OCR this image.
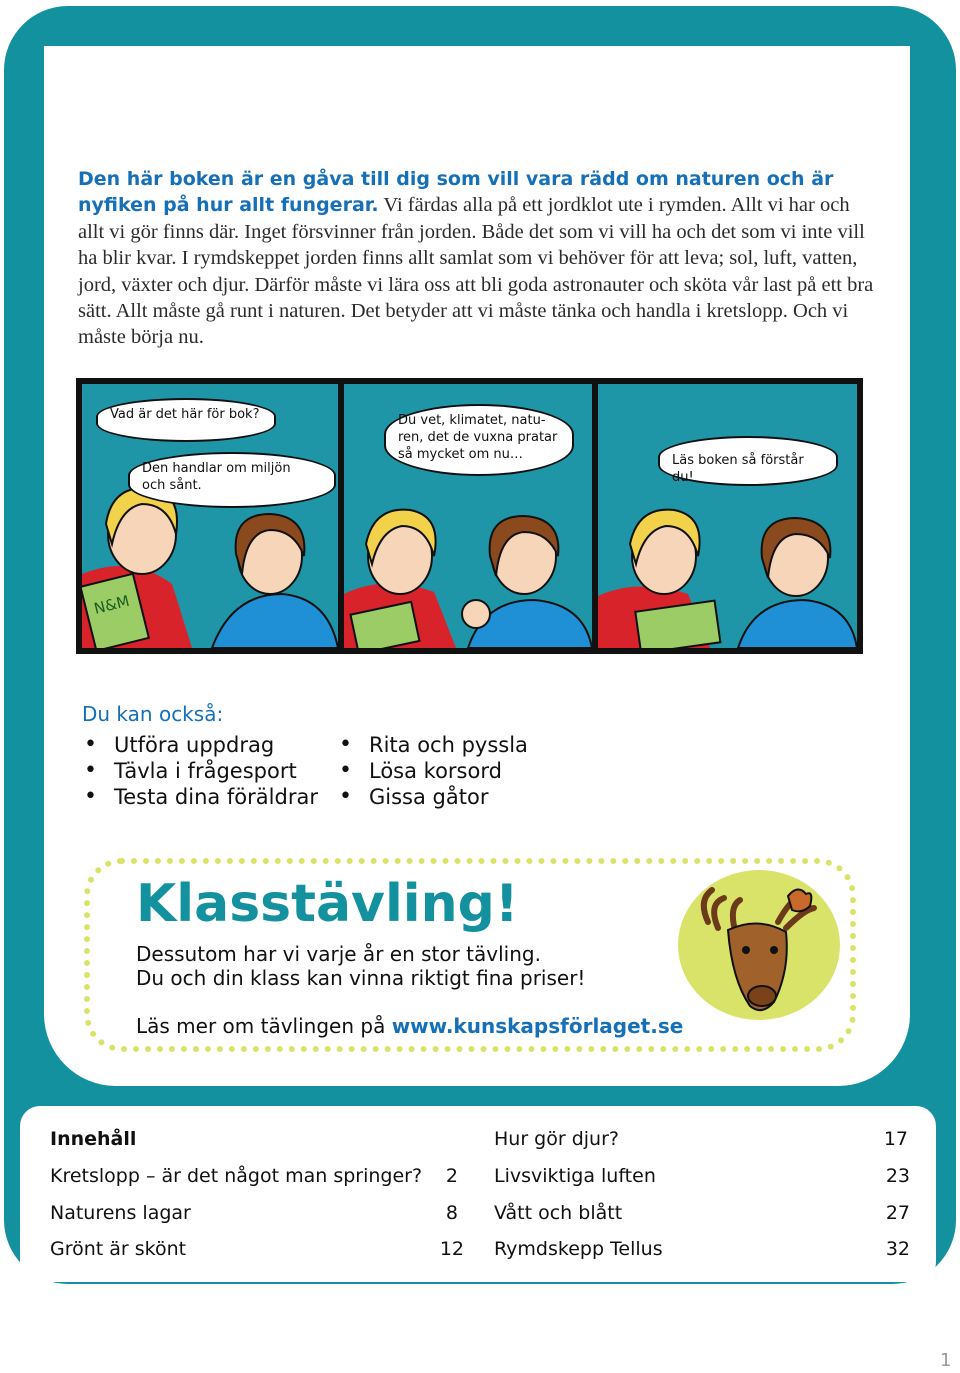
Den här boken är en gåva till dig som vill vara rädd om naturen och är nyfiken på hur allt fungerar. Vi färdas alla på ett jordklot ute i rymden. Allt vi har och allt vi gör finns där. Inget försvinner från jorden. Både det som vi vill ha och det som vi inte vill ha blir kvar. I rymdskeppet jorden finns allt samlat som vi behöver för att leva; sol, luft, vatten, jord, växter och djur. Därför måste vi lära oss att bli goda astronauter och sköta vår last på ett bra sätt. Allt måste gå runt i naturen. Det betyder att vi måste tänka och handla i kretslopp. Och vi måste börja nu.

N&M
Vad är det här för bok?
Den handlar om miljön
och sånt.
Du vet, klimatet, natu-
ren, det de vuxna pratar
så mycket om nu…	Läs boken så förstår du!
Du kan också:
• Utföra uppdrag
• Tävla i frågesport
• Testa dina föräldrar
• Rita och pyssla
• Lösa korsord
• Gissa gåtor
Klasstävling!
Dessutom har vi varje år en stor tävling.
Du och din klass kan vinna riktigt fina priser!
Läs mer om tävlingen på www.kunskapsförlaget.se
Innehåll
Kretslopp – är det något man springer?	2
Naturens lagar	8
Grönt är skönt	12
Hur gör djur?	17
Livsviktiga luften	23
Vått och blått	27
Rymdskepp Tellus	32
1
